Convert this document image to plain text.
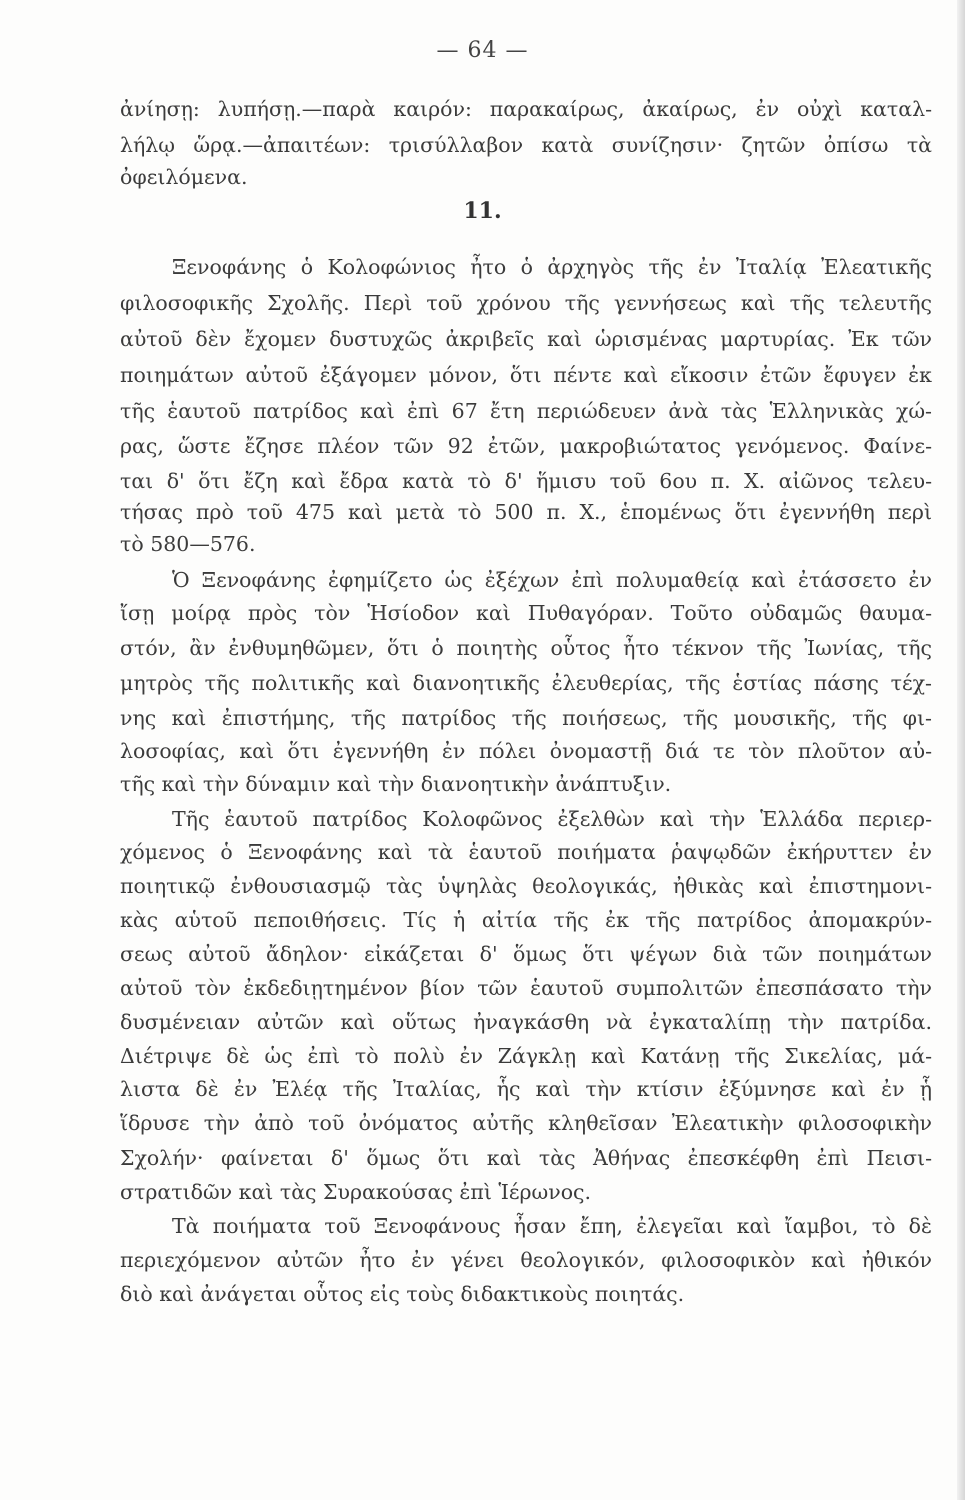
— 64 —
ἀνίησῃ: λυπήσῃ.—παρὰ καιρόν: παρακαίρως, ἀκαίρως, ἐν οὐχὶ καταλ-
λήλῳ ὥρᾳ.—ἀπαιτέων: τρισύλλαβον κατὰ συνίζησιν· ζητῶν ὀπίσω τὰ
ὀφειλόμενα.
11.
Ξενοφάνης ὁ Κολοφώνιος ἦτο ὁ ἀρχηγὸς τῆς ἐν Ἰταλίᾳ Ἐλεατικῆς
φιλοσοφικῆς Σχολῆς. Περὶ τοῦ χρόνου τῆς γεννήσεως καὶ τῆς τελευτῆς
αὐτοῦ δὲν ἔχομεν δυστυχῶς ἀκριβεῖς καὶ ὡρισμένας μαρτυρίας. Ἐκ τῶν
ποιημάτων αὐτοῦ ἐξάγομεν μόνον, ὅτι πέντε καὶ εἴκοσιν ἐτῶν ἔφυγεν ἐκ
τῆς ἑαυτοῦ πατρίδος καὶ ἐπὶ 67 ἔτη περιώδευεν ἀνὰ τὰς Ἑλληνικὰς χώ-
ρας, ὥστε ἔζησε πλέον τῶν 92 ἐτῶν, μακροβιώτατος γενόμενος. Φαίνε-
ται δ' ὅτι ἔζη καὶ ἔδρα κατὰ τὸ δ' ἥμισυ τοῦ 6ου π. Χ. αἰῶνος τελευ-
τήσας πρὸ τοῦ 475 καὶ μετὰ τὸ 500 π. Χ., ἑπομένως ὅτι ἐγεννήθη περὶ
τὸ 580—576.
Ὁ Ξενοφάνης ἐφημίζετο ὡς ἐξέχων ἐπὶ πολυμαθείᾳ καὶ ἐτάσσετο ἐν
ἴσῃ μοίρᾳ πρὸς τὸν Ἡσίοδον καὶ Πυθαγόραν. Τοῦτο οὐδαμῶς θαυμα-
στόν, ἂν ἐνθυμηθῶμεν, ὅτι ὁ ποιητὴς οὗτος ἦτο τέκνον τῆς Ἰωνίας, τῆς
μητρὸς τῆς πολιτικῆς καὶ διανοητικῆς ἐλευθερίας, τῆς ἑστίας πάσης τέχ-
νης καὶ ἐπιστήμης, τῆς πατρίδος τῆς ποιήσεως, τῆς μουσικῆς, τῆς φι-
λοσοφίας, καὶ ὅτι ἐγεννήθη ἐν πόλει ὀνομαστῇ διά τε τὸν πλοῦτον αὐ-
τῆς καὶ τὴν δύναμιν καὶ τὴν διανοητικὴν ἀνάπτυξιν.
Τῆς ἑαυτοῦ πατρίδος Κολοφῶνος ἐξελθὼν καὶ τὴν Ἑλλάδα περιερ-
χόμενος ὁ Ξενοφάνης καὶ τὰ ἑαυτοῦ ποιήματα ῥαψῳδῶν ἐκήρυττεν ἐν
ποιητικῷ ἐνθουσιασμῷ τὰς ὑψηλὰς θεολογικάς, ἠθικὰς καὶ ἐπιστημονι-
κὰς αὑτοῦ πεποιθήσεις. Τίς ἡ αἰτία τῆς ἐκ τῆς πατρίδος ἀπομακρύν-
σεως αὐτοῦ ἄδηλον· εἰκάζεται δ' ὅμως ὅτι ψέγων διὰ τῶν ποιημάτων
αὐτοῦ τὸν ἐκδεδιῃτημένον βίον τῶν ἑαυτοῦ συμπολιτῶν ἐπεσπάσατο τὴν
δυσμένειαν αὐτῶν καὶ οὕτως ἠναγκάσθη νὰ ἐγκαταλίπῃ τὴν πατρίδα.
Διέτριψε δὲ ὡς ἐπὶ τὸ πολὺ ἐν Ζάγκλῃ καὶ Κατάνῃ τῆς Σικελίας, μά-
λιστα δὲ ἐν Ἐλέᾳ τῆς Ἰταλίας, ἧς καὶ τὴν κτίσιν ἐξύμνησε καὶ ἐν ᾗ
ἵδρυσε τὴν ἀπὸ τοῦ ὀνόματος αὐτῆς κληθεῖσαν Ἐλεατικὴν φιλοσοφικὴν
Σχολήν· φαίνεται δ' ὅμως ὅτι καὶ τὰς Ἀθήνας ἐπεσκέφθη ἐπὶ Πεισι-
στρατιδῶν καὶ τὰς Συρακούσας ἐπὶ Ἱέρωνος.
Τὰ ποιήματα τοῦ Ξενοφάνους ἦσαν ἔπη, ἐλεγεῖαι καὶ ἴαμβοι, τὸ δὲ
περιεχόμενον αὐτῶν ἦτο ἐν γένει θεολογικόν, φιλοσοφικὸν καὶ ἠθικόν
διὸ καὶ ἀνάγεται οὗτος εἰς τοὺς διδακτικοὺς ποιητάς.
